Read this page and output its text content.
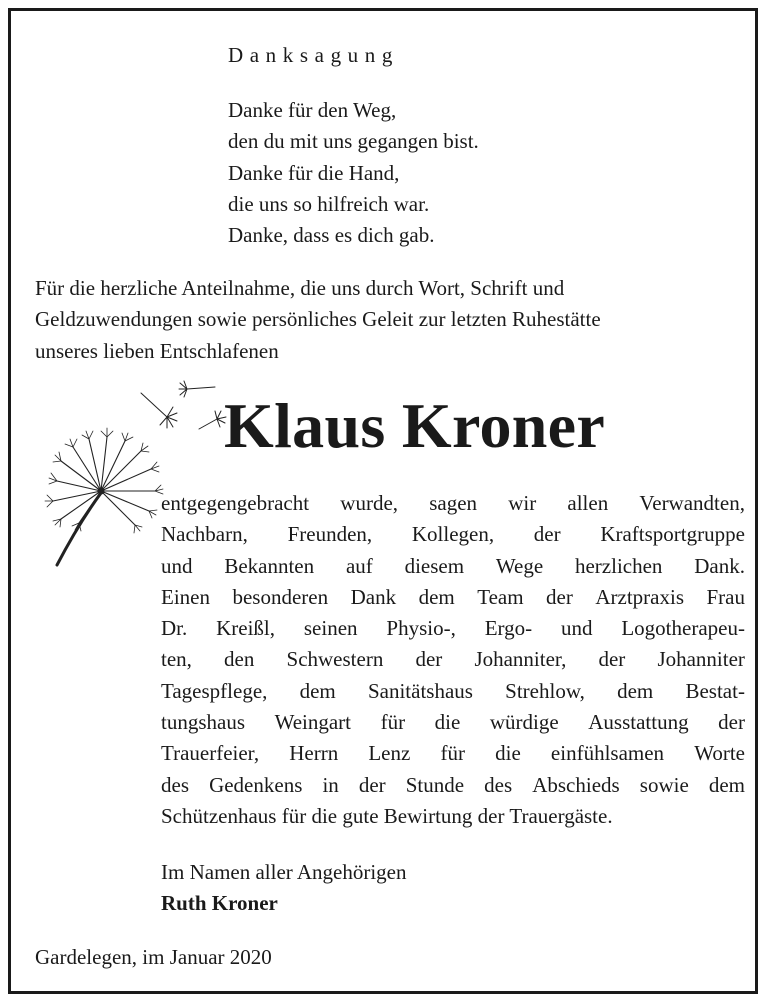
Danksagung
Danke für den Weg,
den du mit uns gegangen bist.
Danke für die Hand,
die uns so hilfreich war.
Danke, dass es dich gab.
Für die herzliche Anteilnahme, die uns durch Wort, Schrift und
Geldzuwendungen sowie persönliches Geleit zur letzten Ruhestätte
unseres lieben Entschlafenen
Klaus Kroner
entgegengebracht wurde, sagen wir allen Verwandten,
Nachbarn, Freunden, Kollegen, der Kraftsportgruppe
und Bekannten auf diesem Wege herzlichen Dank.
Einen besonderen Dank dem Team der Arztpraxis Frau
Dr. Kreißl, seinen Physio-, Ergo- und Logotherapeu-
ten, den Schwestern der Johanniter, der Johanniter
Tagespflege, dem Sanitätshaus Strehlow, dem Bestat-
tungshaus Weingart für die würdige Ausstattung der
Trauerfeier, Herrn Lenz für die einfühlsamen Worte
des Gedenkens in der Stunde des Abschieds sowie dem
Schützenhaus für die gute Bewirtung der Trauergäste.
Im Namen aller Angehörigen
Ruth Kroner
Gardelegen, im Januar 2020
